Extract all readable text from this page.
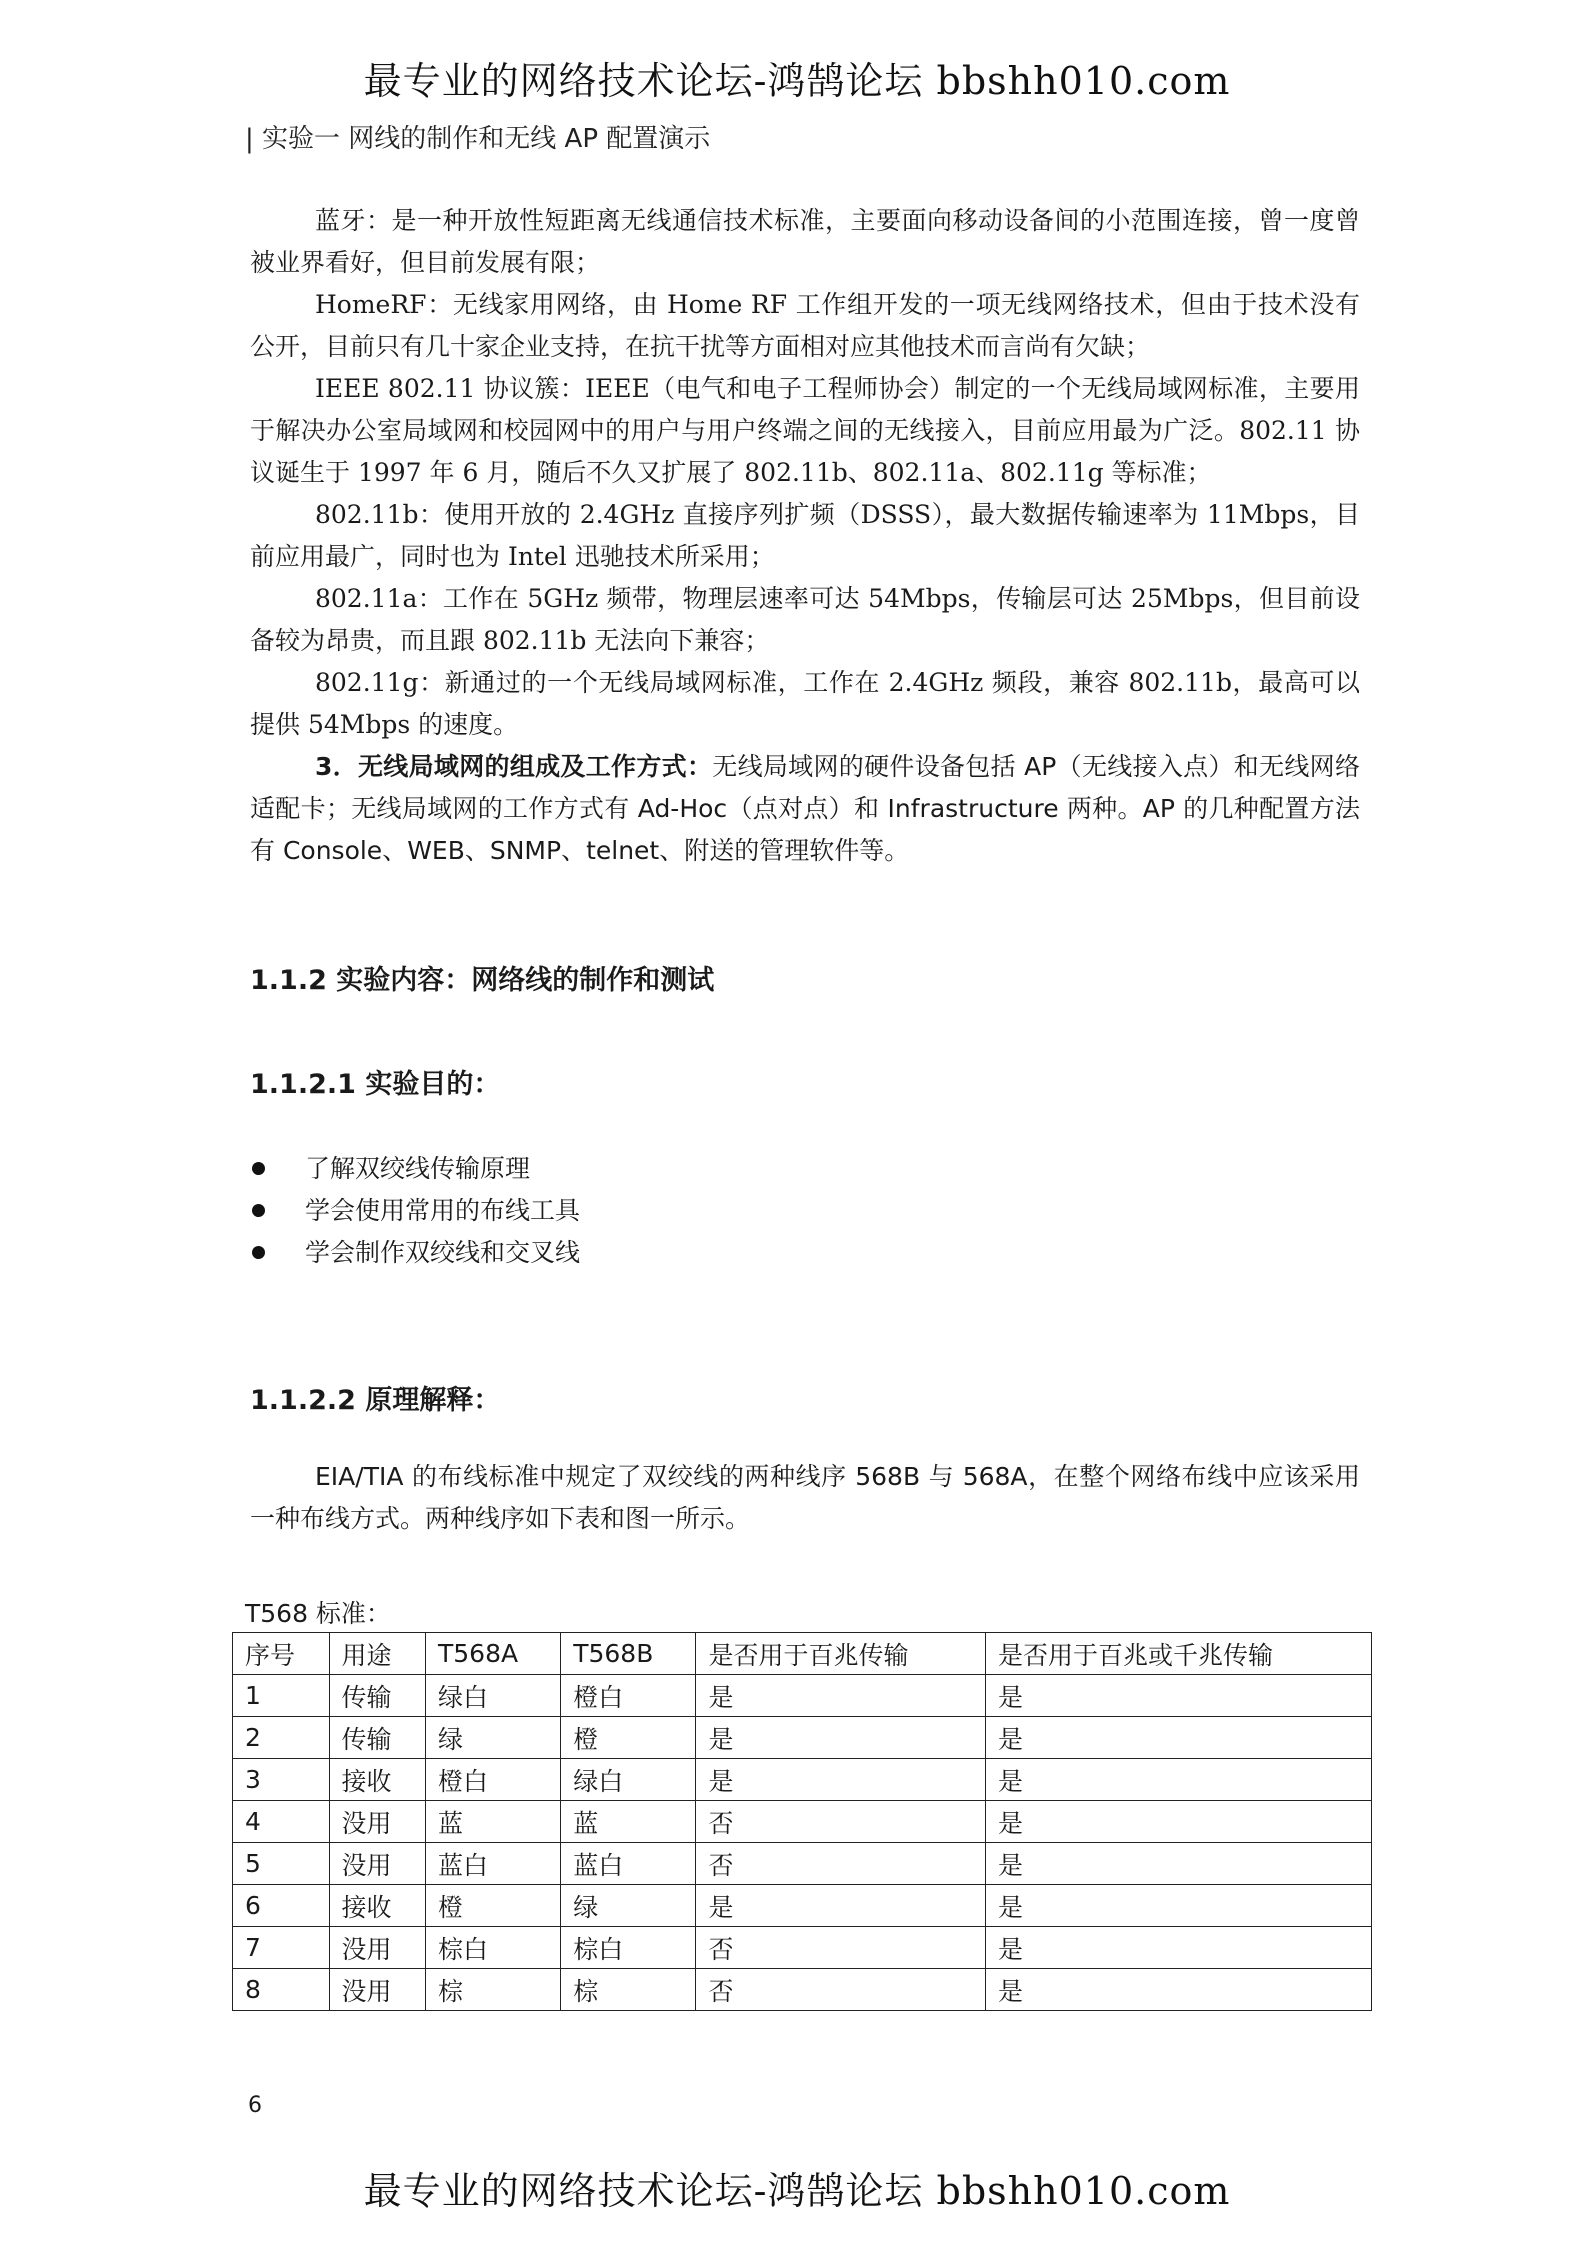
最专业的网络技术论坛-鸿鹄论坛 bbshh010.com
| 实验一 网线的制作和无线 AP 配置演示

蓝牙：是一种开放性短距离无线通信技术标准，主要面向移动设备间的小范围连接，曾一度曾被业界看好，但目前发展有限；

HomeRF：无线家用网络，由 Home RF 工作组开发的一项无线网络技术，但由于技术没有公开，目前只有几十家企业支持，在抗干扰等方面相对应其他技术而言尚有欠缺；

IEEE 802.11 协议簇：IEEE（电气和电子工程师协会）制定的一个无线局域网标准，主要用于解决办公室局域网和校园网中的用户与用户终端之间的无线接入，目前应用最为广泛。802.11 协议诞生于 1997 年 6 月，随后不久又扩展了 802.11b、802.11a、802.11g 等标准；

802.11b：使用开放的 2.4GHz 直接序列扩频（DSSS），最大数据传输速率为 11Mbps，目前应用最广，同时也为 Intel 迅驰技术所采用；

802.11a：工作在 5GHz 频带，物理层速率可达 54Mbps，传输层可达 25Mbps，但目前设备较为昂贵，而且跟 802.11b 无法向下兼容；

802.11g：新通过的一个无线局域网标准，工作在 2.4GHz 频段，兼容 802.11b，最高可以提供 54Mbps 的速度。

3．无线局域网的组成及工作方式：无线局域网的硬件设备包括 AP（无线接入点）和无线网络适配卡；无线局域网的工作方式有 Ad-Hoc（点对点）和 Infrastructure 两种。AP 的几种配置方法有 Console、WEB、SNMP、telnet、附送的管理软件等。

1.1.2 实验内容：网络线的制作和测试
1.1.2.1 实验目的：
了解双绞线传输原理
学会使用常用的布线工具
学会制作双绞线和交叉线
1.1.2.2 原理解释：

EIA/TIA 的布线标准中规定了双绞线的两种线序 568B 与 568A，在整个网络布线中应该采用一种布线方式。两种线序如下表和图一所示。

T568 标准：
序号	用途	T568A	T568B	是否用于百兆传输	是否用于百兆或千兆传输
1	传输	绿白	橙白	是	是
2	传输	绿	橙	是	是
3	接收	橙白	绿白	是	是
4	没用	蓝	蓝	否	是
5	没用	蓝白	蓝白	否	是
6	接收	橙	绿	是	是
7	没用	棕白	棕白	否	是
8	没用	棕	棕	否	是
6
最专业的网络技术论坛-鸿鹄论坛 bbshh010.com
